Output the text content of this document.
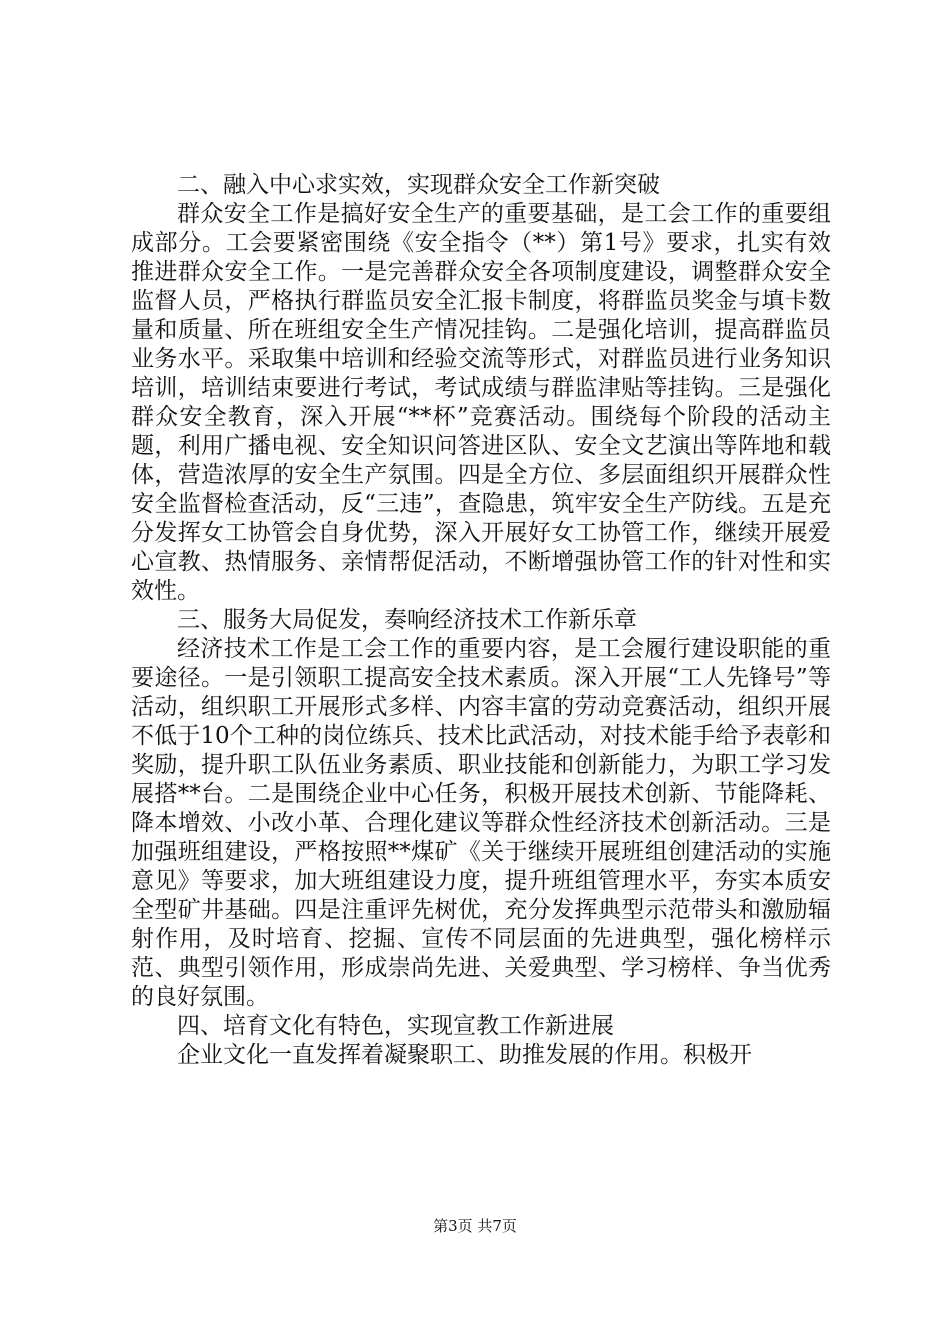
二、融入中心求实效，实现群众安全工作新突破

群众安全工作是搞好安全生产的重要基础，是工会工作的重要组成部分。工会要紧密围绕《安全指令（**）第1号》要求，扎实有效推进群众安全工作。一是完善群众安全各项制度建设，调整群众安全监督人员，严格执行群监员安全汇报卡制度，将群监员奖金与填卡数量和质量、所在班组安全生产情况挂钩。二是强化培训，提高群监员业务水平。采取集中培训和经验交流等形式，对群监员进行业务知识培训，培训结束要进行考试，考试成绩与群监津贴等挂钩。三是强化群众安全教育，深入开展“**杯”竞赛活动。围绕每个阶段的活动主题，利用广播电视、安全知识问答进区队、安全文艺演出等阵地和载体，营造浓厚的安全生产氛围。四是全方位、多层面组织开展群众性安全监督检查活动，反“三违”，查隐患，筑牢安全生产防线。五是充分发挥女工协管会自身优势，深入开展好女工协管工作，继续开展爱心宣教、热情服务、亲情帮促活动，不断增强协管工作的针对性和实效性。

三、服务大局促发，奏响经济技术工作新乐章

经济技术工作是工会工作的重要内容，是工会履行建设职能的重要途径。一是引领职工提高安全技术素质。深入开展“工人先锋号”等活动，组织职工开展形式多样、内容丰富的劳动竞赛活动，组织开展不低于10个工种的岗位练兵、技术比武活动，对技术能手给予表彰和奖励，提升职工队伍业务素质、职业技能和创新能力，为职工学习发展搭**台。二是围绕企业中心任务，积极开展技术创新、节能降耗、降本增效、小改小革、合理化建议等群众性经济技术创新活动。三是加强班组建设，严格按照**煤矿《关于继续开展班组创建活动的实施意见》等要求，加大班组建设力度，提升班组管理水平，夯实本质安全型矿井基础。四是注重评先树优，充分发挥典型示范带头和激励辐射作用，及时培育、挖掘、宣传不同层面的先进典型，强化榜样示范、典型引领作用，形成崇尚先进、关爱典型、学习榜样、争当优秀的良好氛围。

四、培育文化有特色，实现宣教工作新进展

企业文化一直发挥着凝聚职工、助推发展的作用。积极开

第3页 共7页
